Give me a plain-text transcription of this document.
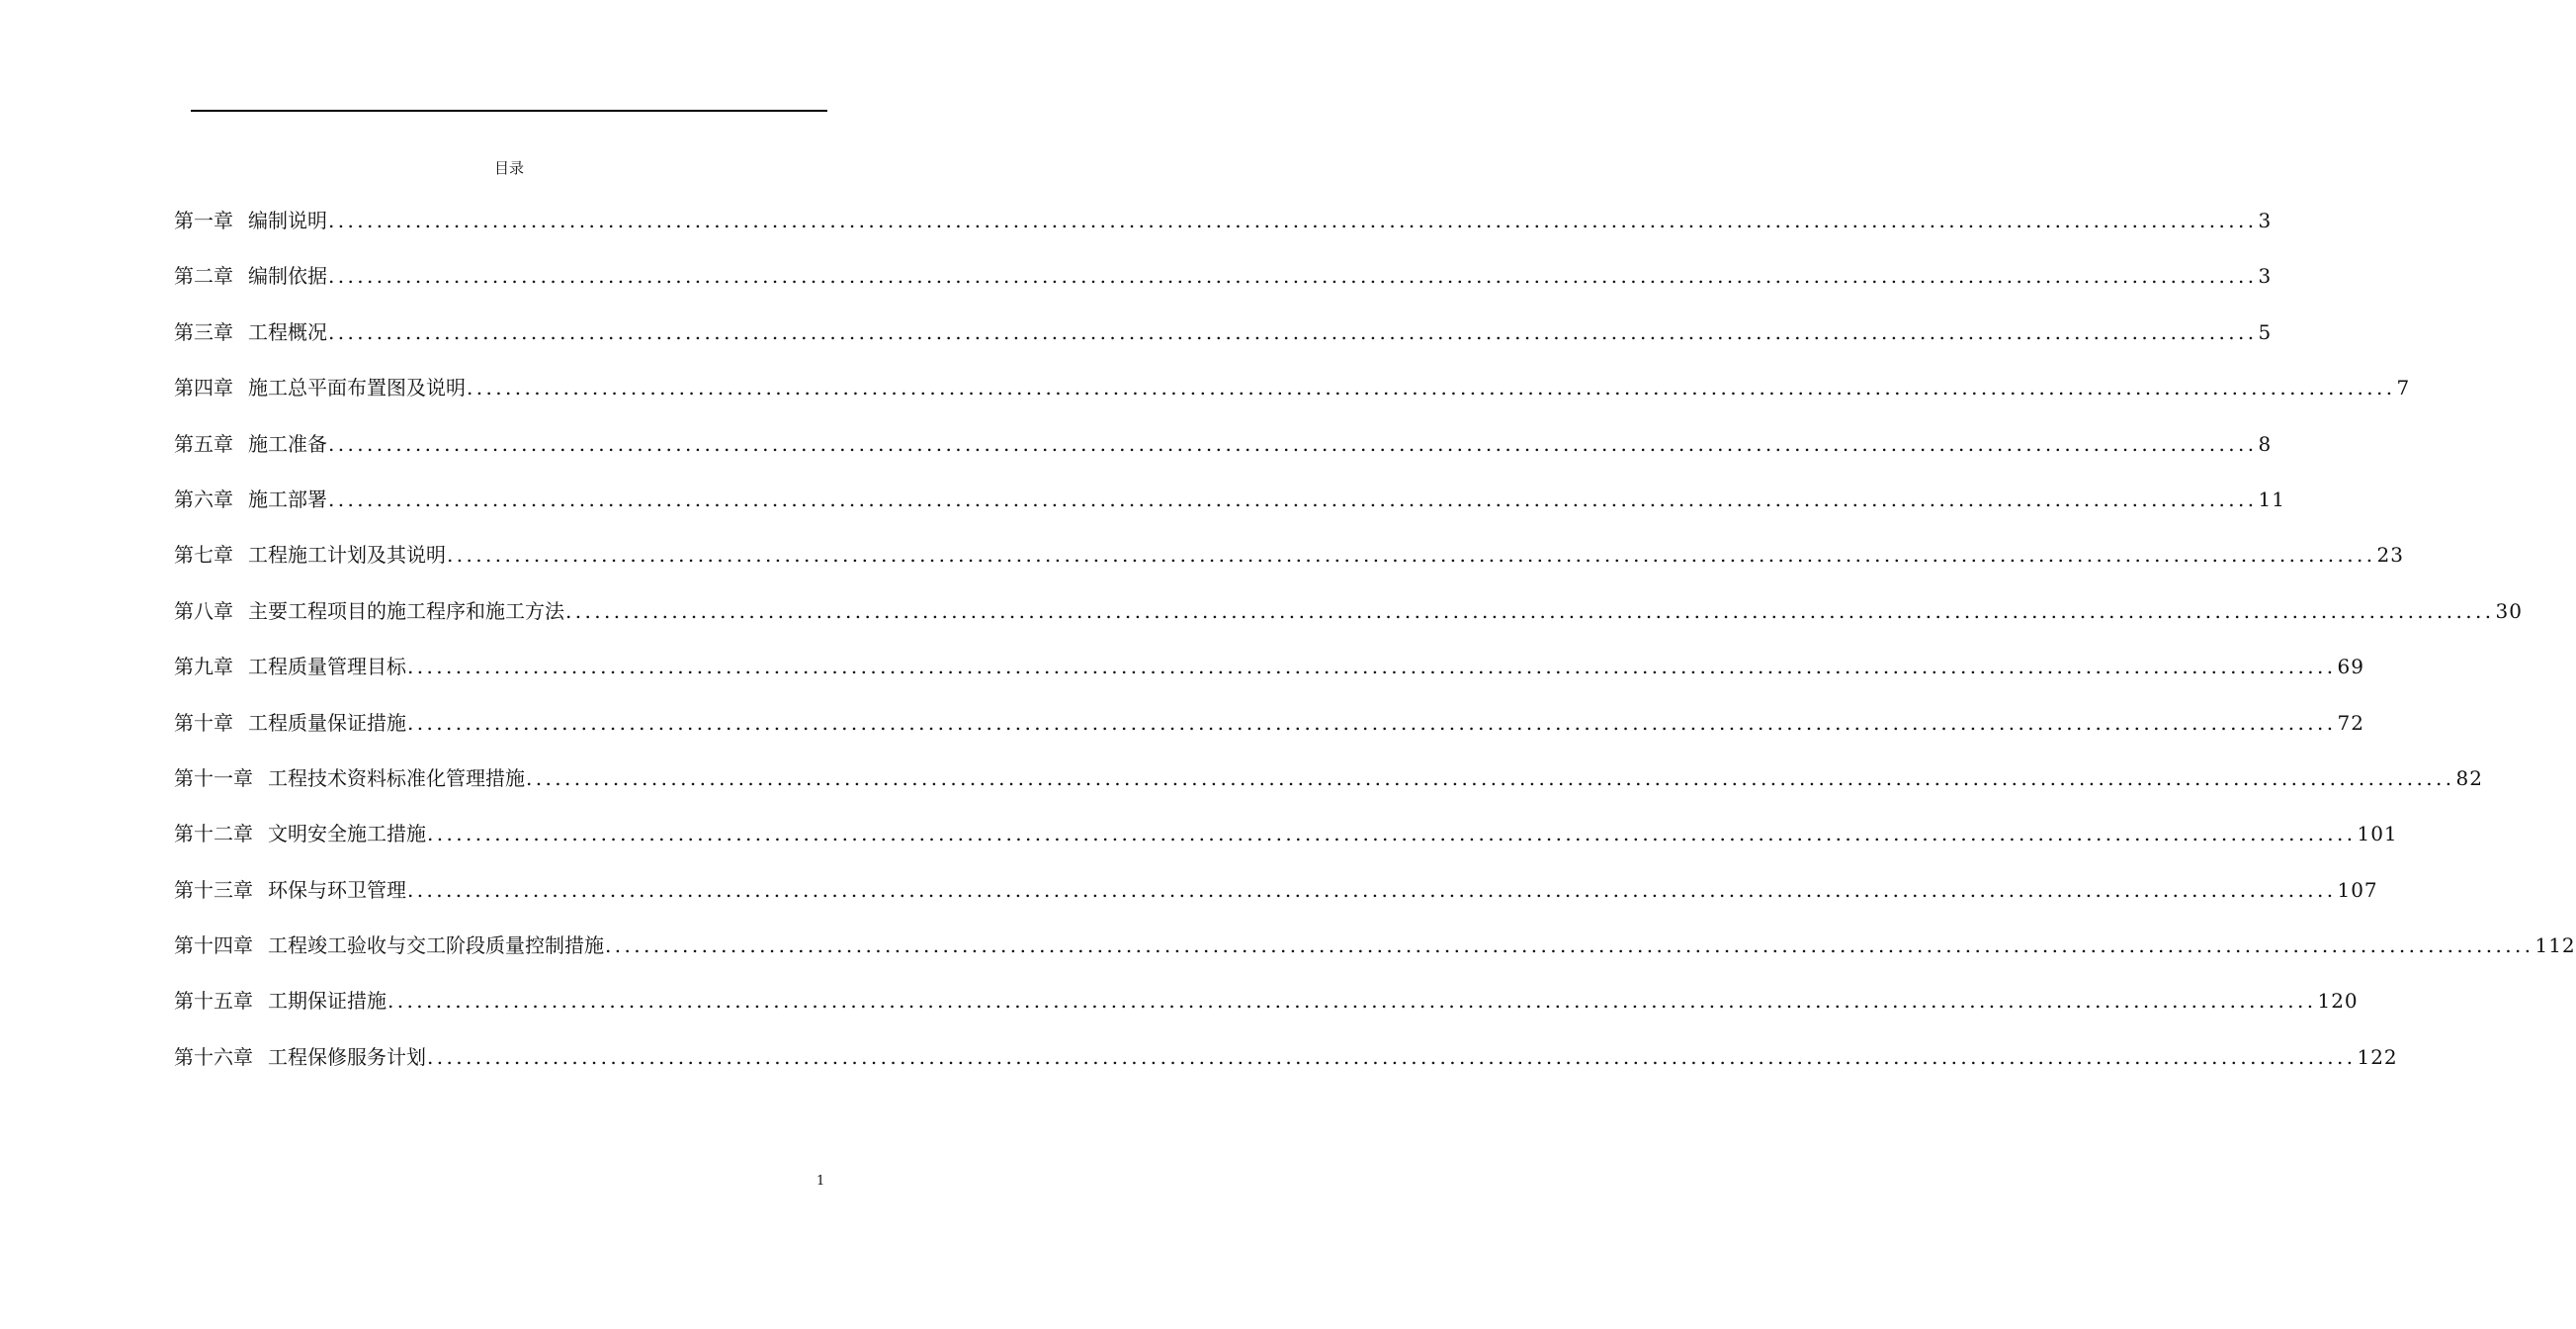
目录
第一章 编制说明 ........................................................................................................................................................................................................ 3
第二章 编制依据 ........................................................................................................................................................................................................ 3
第三章 工程概况 ........................................................................................................................................................................................................ 5
第四章 施工总平面布置图及说明 ........................................................................................................................................................................................................ 7
第五章 施工准备 ........................................................................................................................................................................................................ 8
第六章 施工部署 ........................................................................................................................................................................................................ 11
第七章 工程施工计划及其说明 ........................................................................................................................................................................................................ 23
第八章 主要工程项目的施工程序和施工方法 ........................................................................................................................................................................................................ 30
第九章 工程质量管理目标 ........................................................................................................................................................................................................ 69
第十章 工程质量保证措施 ........................................................................................................................................................................................................ 72
第十一章 工程技术资料标准化管理措施 ........................................................................................................................................................................................................ 82
第十二章 文明安全施工措施 ........................................................................................................................................................................................................ 101
第十三章 环保与环卫管理 ........................................................................................................................................................................................................ 107
第十四章 工程竣工验收与交工阶段质量控制措施 ........................................................................................................................................................................................................ 112
第十五章 工期保证措施 ........................................................................................................................................................................................................ 120
第十六章 工程保修服务计划 ........................................................................................................................................................................................................ 122
1
